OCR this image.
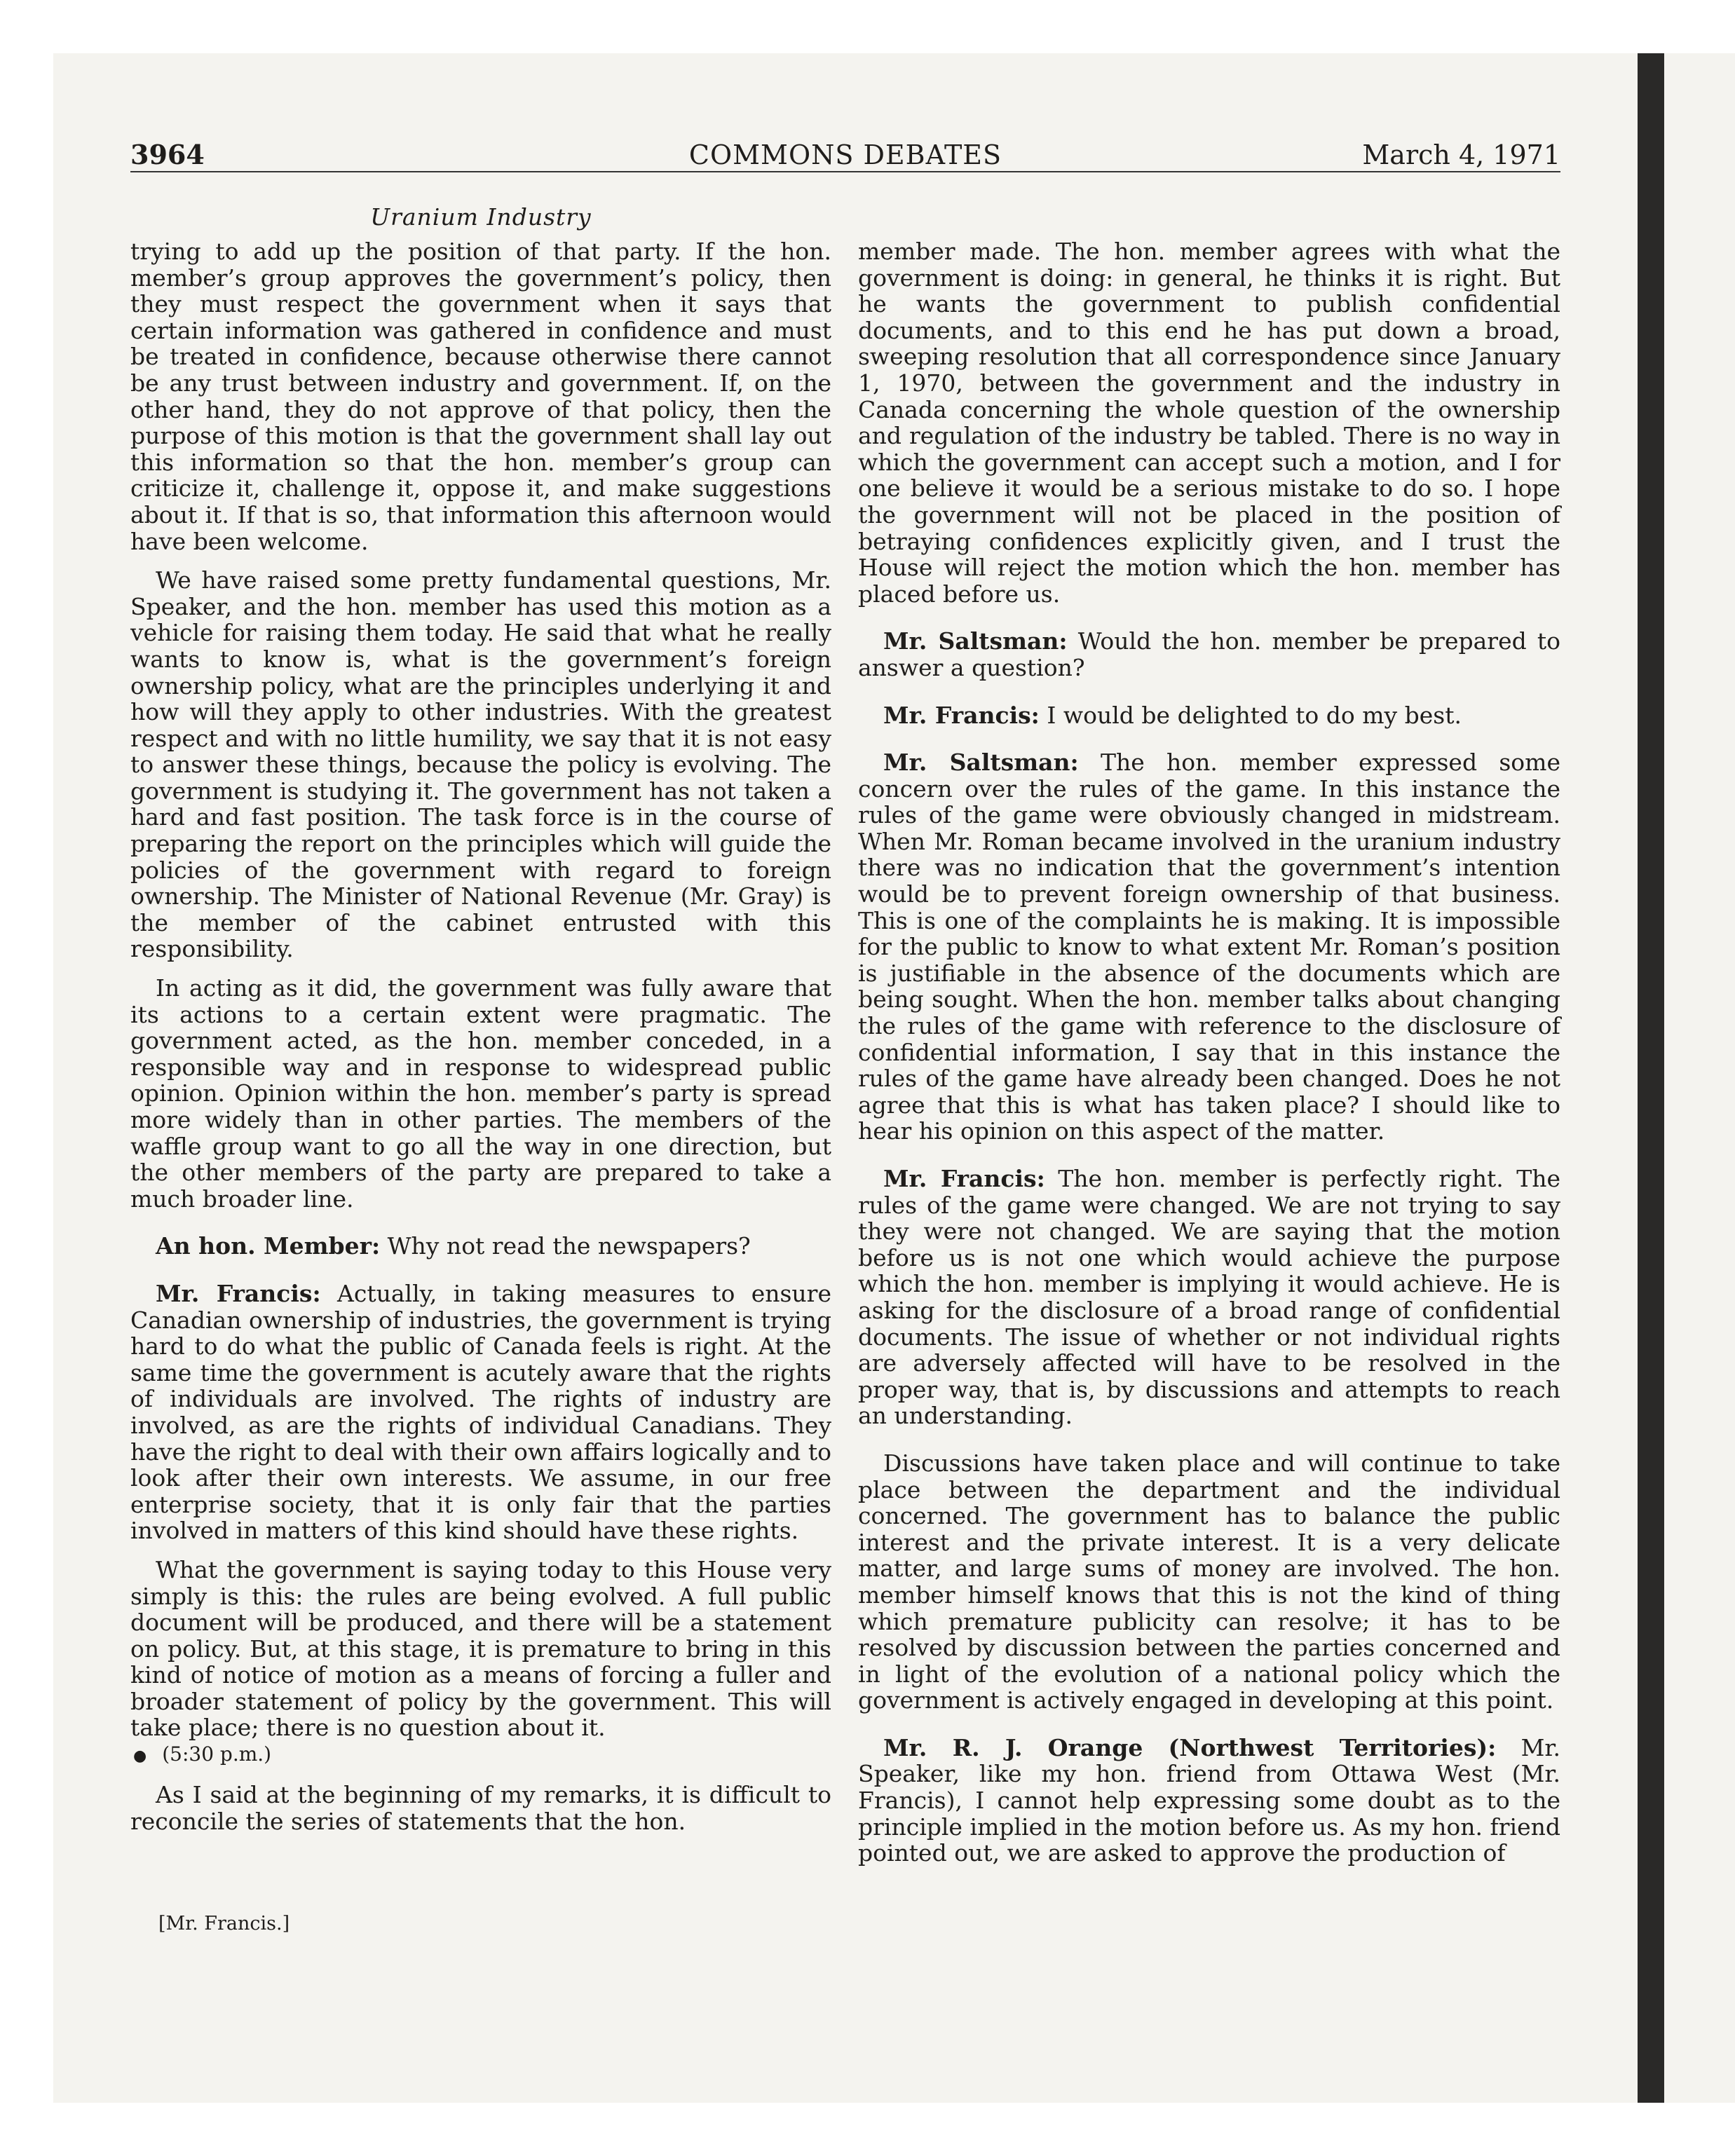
COMMONS DEBATES
3964	March 4, 1971
Uranium Industry

trying to add up the position of that party. If the hon. member’s group approves the government’s policy, then they must respect the government when it says that certain information was gathered in confidence and must be treated in confidence, because otherwise there cannot be any trust between industry and government. If, on the other hand, they do not approve of that policy, then the purpose of this motion is that the government shall lay out this information so that the hon. member’s group can criticize it, challenge it, oppose it, and make suggestions about it. If that is so, that information this afternoon would have been welcome.

We have raised some pretty fundamental questions, Mr. Speaker, and the hon. member has used this motion as a vehicle for raising them today. He said that what he really wants to know is, what is the government’s foreign ownership policy, what are the principles underlying it and how will they apply to other industries. With the greatest respect and with no little humility, we say that it is not easy to answer these things, because the policy is evolving. The government is studying it. The government has not taken a hard and fast position. The task force is in the course of preparing the report on the principles which will guide the policies of the government with regard to foreign ownership. The Minister of National Revenue (Mr. Gray) is the member of the cabinet entrusted with this responsibility.

In acting as it did, the government was fully aware that its actions to a certain extent were pragmatic. The government acted, as the hon. member conceded, in a responsible way and in response to widespread public opinion. Opinion within the hon. member’s party is spread more widely than in other parties. The members of the waffle group want to go all the way in one direction, but the other members of the party are prepared to take a much broader line.

An hon. Member: Why not read the newspapers?

Mr. Francis: Actually, in taking measures to ensure Canadian ownership of industries, the government is trying hard to do what the public of Canada feels is right. At the same time the government is acutely aware that the rights of individuals are involved. The rights of industry are involved, as are the rights of individual Canadians. They have the right to deal with their own affairs logically and to look after their own interests. We assume, in our free enterprise society, that it is only fair that the parties involved in matters of this kind should have these rights.

What the government is saying today to this House very simply is this: the rules are being evolved. A full public document will be produced, and there will be a statement on policy. But, at this stage, it is premature to bring in this kind of notice of motion as a means of forcing a fuller and broader statement of policy by the government. This will take place; there is no question about it.

● (5:30 p.m.)

As I said at the beginning of my remarks, it is difficult to reconcile the series of statements that the hon.

[Mr. Francis.]

member made. The hon. member agrees with what the government is doing: in general, he thinks it is right. But he wants the government to publish confidential documents, and to this end he has put down a broad, sweeping resolution that all correspondence since January 1, 1970, between the government and the industry in Canada concerning the whole question of the ownership and regulation of the industry be tabled. There is no way in which the government can accept such a motion, and I for one believe it would be a serious mistake to do so. I hope the government will not be placed in the position of betraying confidences explicitly given, and I trust the House will reject the motion which the hon. member has placed before us.

Mr. Saltsman: Would the hon. member be prepared to answer a question?

Mr. Francis: I would be delighted to do my best.

Mr. Saltsman: The hon. member expressed some concern over the rules of the game. In this instance the rules of the game were obviously changed in midstream. When Mr. Roman became involved in the uranium industry there was no indication that the government’s intention would be to prevent foreign ownership of that business. This is one of the complaints he is making. It is impossible for the public to know to what extent Mr. Roman’s position is justifiable in the absence of the documents which are being sought. When the hon. member talks about changing the rules of the game with reference to the disclosure of confidential information, I say that in this instance the rules of the game have already been changed. Does he not agree that this is what has taken place? I should like to hear his opinion on this aspect of the matter.

Mr. Francis: The hon. member is perfectly right. The rules of the game were changed. We are not trying to say they were not changed. We are saying that the motion before us is not one which would achieve the purpose which the hon. member is implying it would achieve. He is asking for the disclosure of a broad range of confidential documents. The issue of whether or not individual rights are adversely affected will have to be resolved in the proper way, that is, by discussions and attempts to reach an understanding.

Discussions have taken place and will continue to take place between the department and the individual concerned. The government has to balance the public interest and the private interest. It is a very delicate matter, and large sums of money are involved. The hon. member himself knows that this is not the kind of thing which premature publicity can resolve; it has to be resolved by discussion between the parties concerned and in light of the evolution of a national policy which the government is actively engaged in developing at this point.

Mr. R. J. Orange (Northwest Territories): Mr. Speaker, like my hon. friend from Ottawa West (Mr. Francis), I cannot help expressing some doubt as to the principle implied in the motion before us. As my hon. friend pointed out, we are asked to approve the production of
